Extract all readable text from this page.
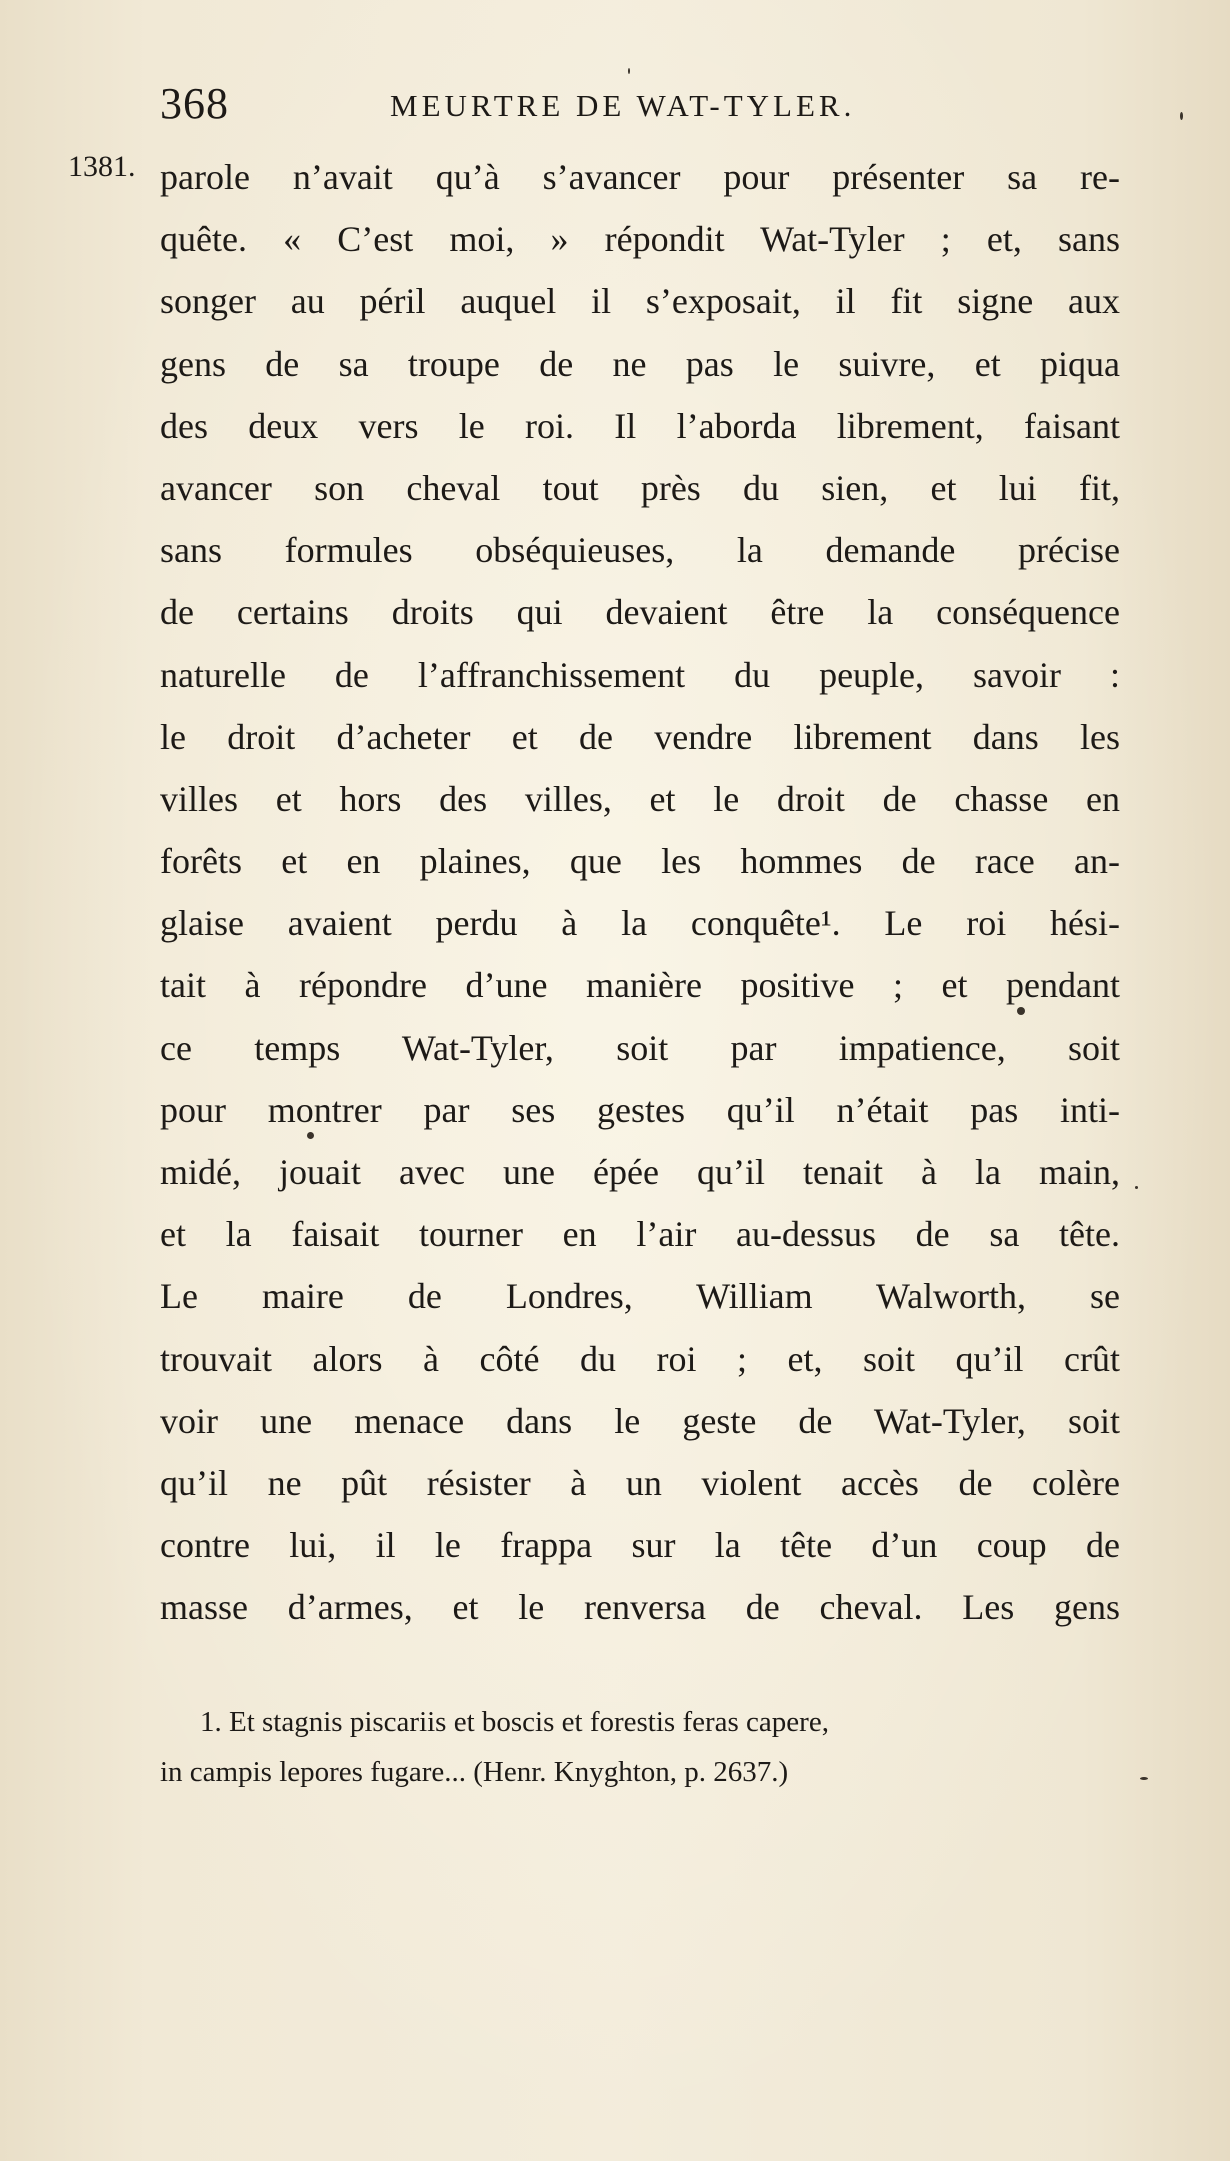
368	MEURTRE DE WAT-TYLER.
1381. parole n’avait qu’à s’avancer pour présenter sa re-
quête. « C’est moi, » répondit Wat-Tyler ; et, sans
songer au péril auquel il s’exposait, il fit signe aux
gens de sa troupe de ne pas le suivre, et piqua
des deux vers le roi. Il l’aborda librement, faisant
avancer son cheval tout près du sien, et lui fit,
sans formules obséquieuses, la demande précise
de certains droits qui devaient être la conséquence
naturelle de l’affranchissement du peuple, savoir :
le droit d’acheter et de vendre librement dans les
villes et hors des villes, et le droit de chasse en
forêts et en plaines, que les hommes de race an-
glaise avaient perdu à la conquête¹. Le roi hési-
tait à répondre d’une manière positive ; et pendant
ce temps Wat-Tyler, soit par impatience, soit
pour montrer par ses gestes qu’il n’était pas inti-
midé, jouait avec une épée qu’il tenait à la main,
et la faisait tourner en l’air au-dessus de sa tête.
Le maire de Londres, William Walworth, se
trouvait alors à côté du roi ; et, soit qu’il crût
voir une menace dans le geste de Wat-Tyler, soit
qu’il ne pût résister à un violent accès de colère
contre lui, il le frappa sur la tête d’un coup de
masse d’armes, et le renversa de cheval. Les gens
1. Et stagnis piscariis et boscis et forestis feras capere,
in campis lepores fugare... (Henr. Knyghton, p. 2637.)
